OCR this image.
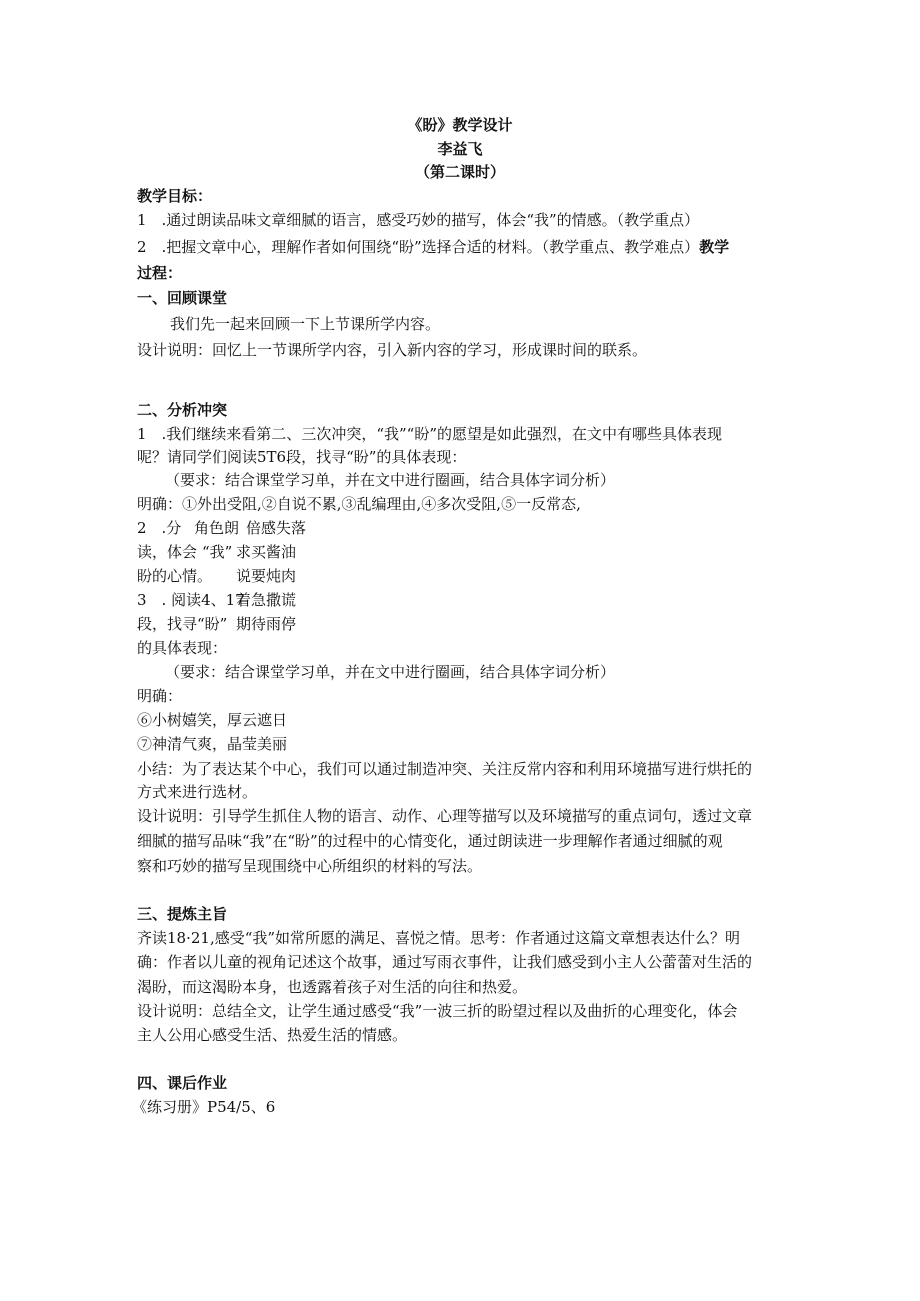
《盼》教学设计
李益飞
（第二课时）
教学目标：
1　.通过朗读品味文章细腻的语言，感受巧妙的描写，体会“我”的情感。（教学重点）
2　.把握文章中心，理解作者如何围绕“盼”选择合适的材料。（教学重点、教学难点）教学
过程：
一、回顾课堂
我们先一起来回顾一下上节课所学内容。
设计说明：回忆上一节课所学内容，引入新内容的学习，形成课时间的联系。
二、分析冲突
1　.我们继续来看第二、三次冲突，“我”“盼”的愿望是如此强烈，在文中有哪些具体表现
呢？请同学们阅读5T6段，找寻“盼”的具体表现：
（要求：结合课堂学习单，并在文中进行圈画，结合具体字词分析）
明确：①外出受阻,②自说不累,③乱编理由,④多次受阻,⑤一反常态,
2　.分 角色朗 倍感失落
读，体会 “我” 求买酱油
盼的心情。 说要炖肉
3　. 阅读4、17
着急撒谎
段，找寻“盼” 期待雨停
的具体表现：
（要求：结合课堂学习单，并在文中进行圈画，结合具体字词分析）
明确：
⑥小树嬉笑，厚云遮日
⑦神清气爽，晶莹美丽
小结：为了表达某个中心，我们可以通过制造冲突、关注反常内容和利用环境描写进行烘托的
方式来进行选材。
设计说明：引导学生抓住人物的语言、动作、心理等描写以及环境描写的重点词句，透过文章
细腻的描写品味“我”在“盼”的过程中的心情变化，通过朗读进一步理解作者通过细腻的观
察和巧妙的描写呈现围绕中心所组织的材料的写法。
三、提炼主旨
齐读18·21,感受“我”如常所愿的满足、喜悦之情。思考：作者通过这篇文章想表达什么？明
确：作者以儿童的视角记述这个故事，通过写雨衣事件，让我们感受到小主人公蕾蕾对生活的
渴盼，而这渴盼本身，也透露着孩子对生活的向往和热爱。
设计说明：总结全文，让学生通过感受“我”一波三折的盼望过程以及曲折的心理变化，体会
主人公用心感受生活、热爱生活的情感。
四、课后作业
《练习册》P54/5、6
